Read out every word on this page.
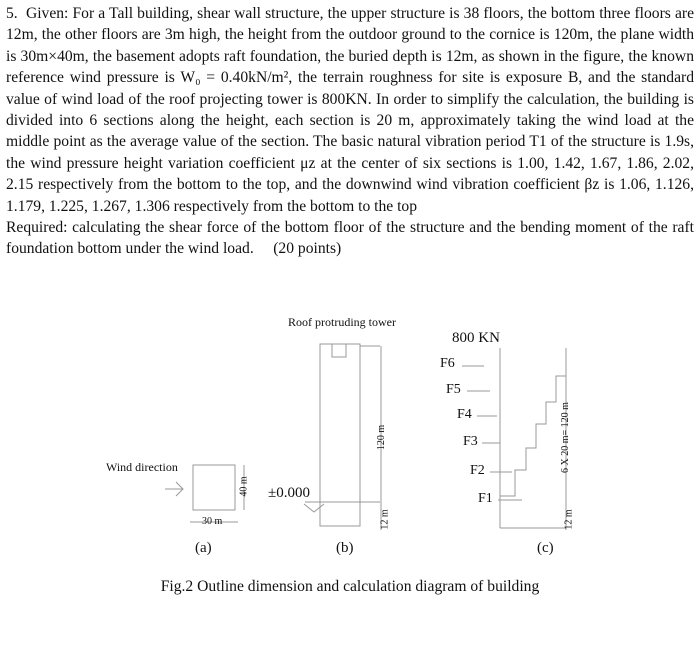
5. Given: For a Tall building, shear wall structure, the upper structure is 38 floors, the bottom three floors are 12m, the other floors are 3m high, the height from the outdoor ground to the cornice is 120m, the plane width is 30m×40m, the basement adopts raft foundation, the buried depth is 12m, as shown in the figure, the known reference wind pressure is W₀ = 0.40kN/m², the terrain roughness for site is exposure B, and the standard value of wind load of the roof projecting tower is 800KN. In order to simplify the calculation, the building is divided into 6 sections along the height, each section is 20 m, approximately taking the wind load at the middle point as the average value of the section. The basic natural vibration period T1 of the structure is 1.9s, the wind pressure height variation coefficient μz at the center of six sections is 1.00, 1.42, 1.67, 1.86, 2.02, 2.15 respectively from the bottom to the top, and the downwind wind vibration coefficient βz is 1.06, 1.126, 1.179, 1.225, 1.267, 1.306 respectively from the bottom to the top

Required: calculating the shear force of the bottom floor of the structure and the bending moment of the raft foundation bottom under the wind load. (20 points)

Roof protruding tower
Wind direction
30 m
40 m ±0.000
120 m
12 m
800 KN
F6
F5
F4
F3
F2
F1
6 X 20 m= 120 m
12 m
(a)	(b)	(c)
Fig.2 Outline dimension and calculation diagram of building
